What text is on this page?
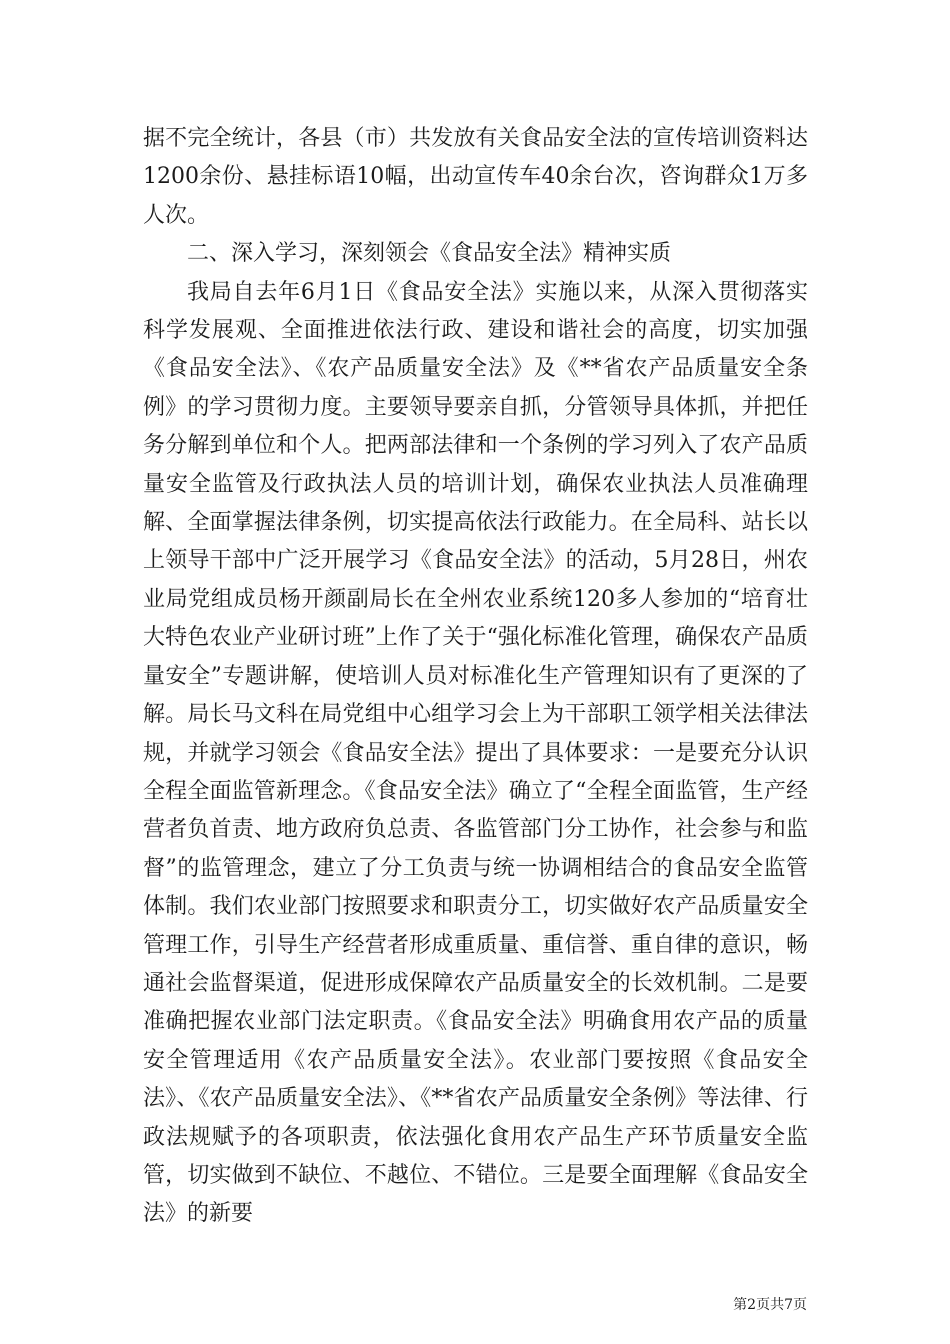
据不完全统计，各县（市）共发放有关食品安全法的宣传培训资料达1200余份、悬挂标语10幅，出动宣传车40余台次，咨询群众1万多人次。

二、深入学习，深刻领会《食品安全法》精神实质

我局自去年6月1日《食品安全法》实施以来，从深入贯彻落实科学发展观、全面推进依法行政、建设和谐社会的高度，切实加强《食品安全法》、《农产品质量安全法》及《**省农产品质量安全条例》的学习贯彻力度。主要领导要亲自抓，分管领导具体抓，并把任务分解到单位和个人。把两部法律和一个条例的学习列入了农产品质量安全监管及行政执法人员的培训计划，确保农业执法人员准确理解、全面掌握法律条例，切实提高依法行政能力。在全局科、站长以上领导干部中广泛开展学习《食品安全法》的活动，5月28日，州农业局党组成员杨开颜副局长在全州农业系统120多人参加的“培育壮大特色农业产业研讨班”上作了关于“强化标准化管理，确保农产品质量安全”专题讲解，使培训人员对标准化生产管理知识有了更深的了解。局长马文科在局党组中心组学习会上为干部职工领学相关法律法规，并就学习领会《食品安全法》提出了具体要求：一是要充分认识全程全面监管新理念。《食品安全法》确立了“全程全面监管，生产经营者负首责、地方政府负总责、各监管部门分工协作，社会参与和监督”的监管理念，建立了分工负责与统一协调相结合的食品安全监管体制。我们农业部门按照要求和职责分工，切实做好农产品质量安全管理工作，引导生产经营者形成重质量、重信誉、重自律的意识，畅通社会监督渠道，促进形成保障农产品质量安全的长效机制。二是要准确把握农业部门法定职责。《食品安全法》明确食用农产品的质量安全管理适用《农产品质量安全法》。农业部门要按照《食品安全法》、《农产品质量安全法》、《**省农产品质量安全条例》等法律、行政法规赋予的各项职责，依法强化食用农产品生产环节质量安全监管，切实做到不缺位、不越位、不错位。三是要全面理解《食品安全法》的新要

第2页共7页
